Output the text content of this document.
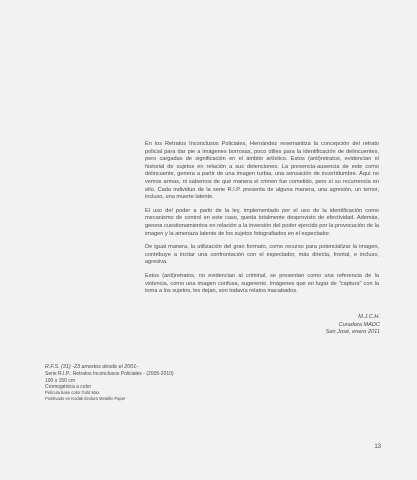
En los Retratos Inconclusos Policiales, Hernández resemantiza la concepción del retrato policial para dar pie a imágenes borrosas, poco útiles para la identificación de delincuentes, pero cargadas de significación en el ámbito artístico. Estos (anti)retratos, evidencian el historial de sujetos en relación a sus detenciones. La presencia-ausencia de este como delincuente, genera a partir de una imagen turbia, una sensación de incertidumbre. Aquí no vemos armas, ni sabemos de qué manera el crimen fue cometido, pero sí su recurrencia en ello. Cada individuo de la serie R.I.P. presenta de alguna manera, una agresión, un temor, incluso, una muerte latente.

El uso del poder a partir de la ley, implementado por el uso de la identificación como mecanismo de control en este caso, queda totalmente desprovisto de efectividad. Además, genera cuestionamientos en relación a la inversión del poder ejercido por la provocación de la imagen y la amenaza latente de los sujetos fotografiados en el espectador.

De igual manera, la utilización del gran formato, como recurso para potencializar la imagen, contribuye a incitar una confrontación con el espectador, más directa, frontal, e incluso, agresiva.

Estos (anti)retratos, no evidencian al criminal, se presentan como una referencia de la violencia, como una imagen confusa, sugerente. Imágenes que en lugar de "captura" con la toma a los sujetos, les dejan, son todavía relatos inacabados.

M.J.C.H.
Curadora MADC
San José, enero 2011
R.F.S. (31) -23 arrestos desde el 2001-
Serie R.I.P.: Retratos Inconclusos Policiales - (2005-2010)
100 x 150 cm
Cromogénica a color
Película base color Gold Max
Positivado en Kodak Endura Metallic Paper
13
